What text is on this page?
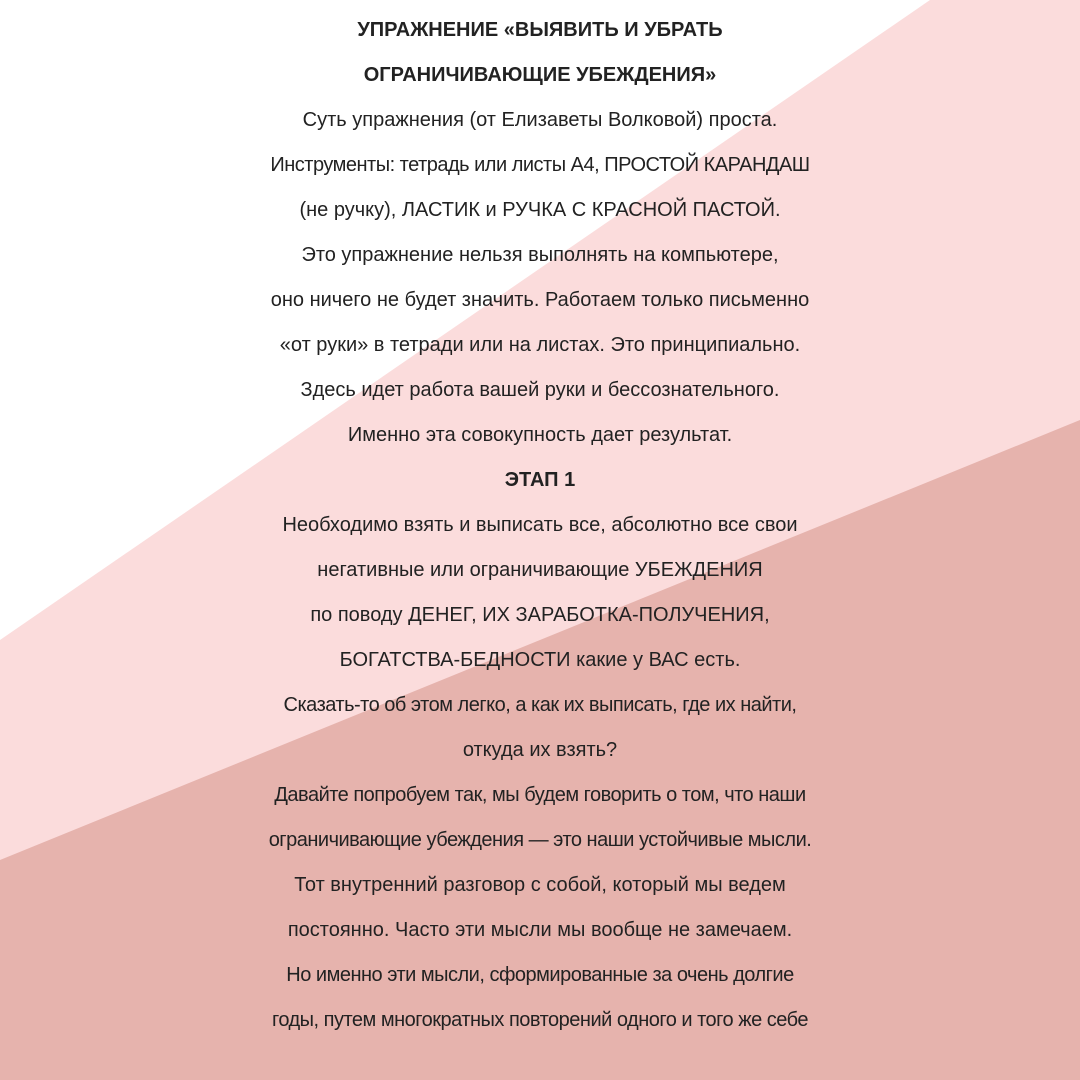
УПРАЖНЕНИЕ «ВЫЯВИТЬ И УБРАТЬ
ОГРАНИЧИВАЮЩИЕ УБЕЖДЕНИЯ»
Суть упражнения (от Елизаветы Волковой) проста.
Инструменты: тетрадь или листы А4, ПРОСТОЙ КАРАНДАШ
(не ручку), ЛАСТИК и РУЧКА С КРАСНОЙ ПАСТОЙ.
Это упражнение нельзя выполнять на компьютере,
оно ничего не будет значить. Работаем только письменно
«от руки» в тетради или на листах. Это принципиально.
Здесь идет работа вашей руки и бессознательного.
Именно эта совокупность дает результат.
ЭТАП 1
Необходимо взять и выписать все, абсолютно все свои
негативные или ограничивающие УБЕЖДЕНИЯ
по поводу ДЕНЕГ, ИХ ЗАРАБОТКА-ПОЛУЧЕНИЯ,
БОГАТСТВА-БЕДНОСТИ какие у ВАС есть.
Сказать-то об этом легко, а как их выписать, где их найти,
откуда их взять?
Давайте попробуем так, мы будем говорить о том, что наши
ограничивающие убеждения — это наши устойчивые мысли.
Тот внутренний разговор с собой, который мы ведем
постоянно. Часто эти мысли мы вообще не замечаем.
Но именно эти мысли, сформированные за очень долгие
годы, путем многократных повторений одного и того же себе
